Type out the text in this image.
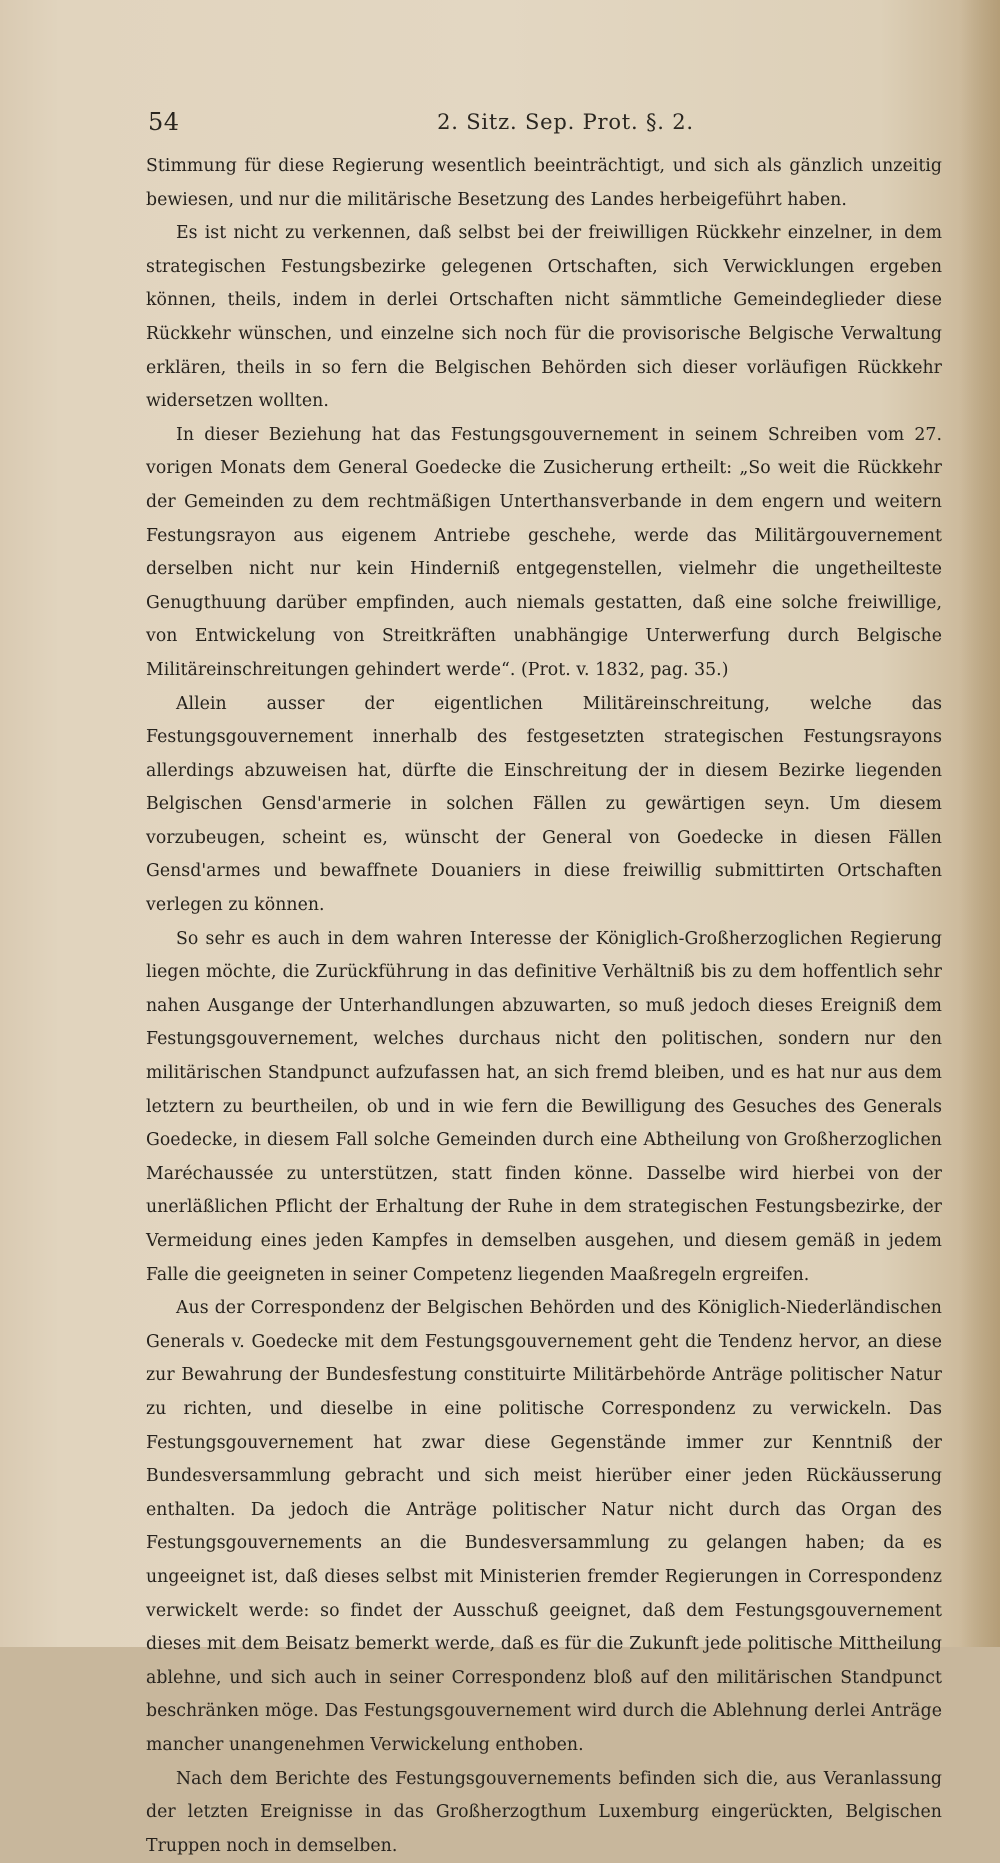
54	2. Sitz. Sep. Prot. §. 2.

Stimmung für diese Regierung wesentlich beeinträchtigt, und sich als gänzlich unzeitig bewiesen, und nur die militärische Besetzung des Landes herbeigeführt haben.

Es ist nicht zu verkennen, daß selbst bei der freiwilligen Rückkehr einzelner, in dem strategischen Festungsbezirke gelegenen Ortschaften, sich Verwicklungen ergeben können, theils, indem in derlei Ortschaften nicht sämmtliche Gemeindeglieder diese Rückkehr wünschen, und einzelne sich noch für die provisorische Belgische Verwaltung erklären, theils in so fern die Belgischen Behörden sich dieser vorläufigen Rückkehr widersetzen wollten.

In dieser Beziehung hat das Festungsgouvernement in seinem Schreiben vom 27. vorigen Monats dem General Goedecke die Zusicherung ertheilt: „So weit die Rückkehr der Gemeinden zu dem rechtmäßigen Unterthansverbande in dem engern und weitern Festungsrayon aus eigenem Antriebe geschehe, werde das Militärgouvernement derselben nicht nur kein Hinderniß entgegenstellen, vielmehr die ungetheilteste Genugthuung darüber empfinden, auch niemals gestatten, daß eine solche freiwillige, von Entwickelung von Streitkräften unabhängige Unterwerfung durch Belgische Militäreinschreitungen gehindert werde“. (Prot. v. 1832, pag. 35.)

Allein ausser der eigentlichen Militäreinschreitung, welche das Festungsgouvernement innerhalb des festgesetzten strategischen Festungsrayons allerdings abzuweisen hat, dürfte die Einschreitung der in diesem Bezirke liegenden Belgischen Gensd'armerie in solchen Fällen zu gewärtigen seyn. Um diesem vorzubeugen, scheint es, wünscht der General von Goedecke in diesen Fällen Gensd'armes und bewaffnete Douaniers in diese freiwillig submittirten Ortschaften verlegen zu können.

So sehr es auch in dem wahren Interesse der Königlich-Großherzoglichen Regierung liegen möchte, die Zurückführung in das definitive Verhältniß bis zu dem hoffentlich sehr nahen Ausgange der Unterhandlungen abzuwarten, so muß jedoch dieses Ereigniß dem Festungsgouvernement, welches durchaus nicht den politischen, sondern nur den militärischen Standpunct aufzufassen hat, an sich fremd bleiben, und es hat nur aus dem letztern zu beurtheilen, ob und in wie fern die Bewilligung des Gesuches des Generals Goedecke, in diesem Fall solche Gemeinden durch eine Abtheilung von Großherzoglichen Maréchaussée zu unterstützen, statt finden könne. Dasselbe wird hierbei von der unerläßlichen Pflicht der Erhaltung der Ruhe in dem strategischen Festungsbezirke, der Vermeidung eines jeden Kampfes in demselben ausgehen, und diesem gemäß in jedem Falle die geeigneten in seiner Competenz liegenden Maaßregeln ergreifen.

Aus der Correspondenz der Belgischen Behörden und des Königlich-Niederländischen Generals v. Goedecke mit dem Festungsgouvernement geht die Tendenz hervor, an diese zur Bewahrung der Bundesfestung constituirte Militärbehörde Anträge politischer Natur zu richten, und dieselbe in eine politische Correspondenz zu verwickeln. Das Festungsgouvernement hat zwar diese Gegenstände immer zur Kenntniß der Bundesversammlung gebracht und sich meist hierüber einer jeden Rückäusserung enthalten. Da jedoch die Anträge politischer Natur nicht durch das Organ des Festungsgouvernements an die Bundesversammlung zu gelangen haben; da es ungeeignet ist, daß dieses selbst mit Ministerien fremder Regierungen in Correspondenz verwickelt werde: so findet der Ausschuß geeignet, daß dem Festungsgouvernement dieses mit dem Beisatz bemerkt werde, daß es für die Zukunft jede politische Mittheilung ablehne, und sich auch in seiner Correspondenz bloß auf den militärischen Standpunct beschränken möge. Das Festungsgouvernement wird durch die Ablehnung derlei Anträge mancher unangenehmen Verwickelung enthoben.

Nach dem Berichte des Festungsgouvernements befinden sich die, aus Veranlassung der letzten Ereignisse in das Großherzogthum Luxemburg eingerückten, Belgischen Truppen noch in demselben.
